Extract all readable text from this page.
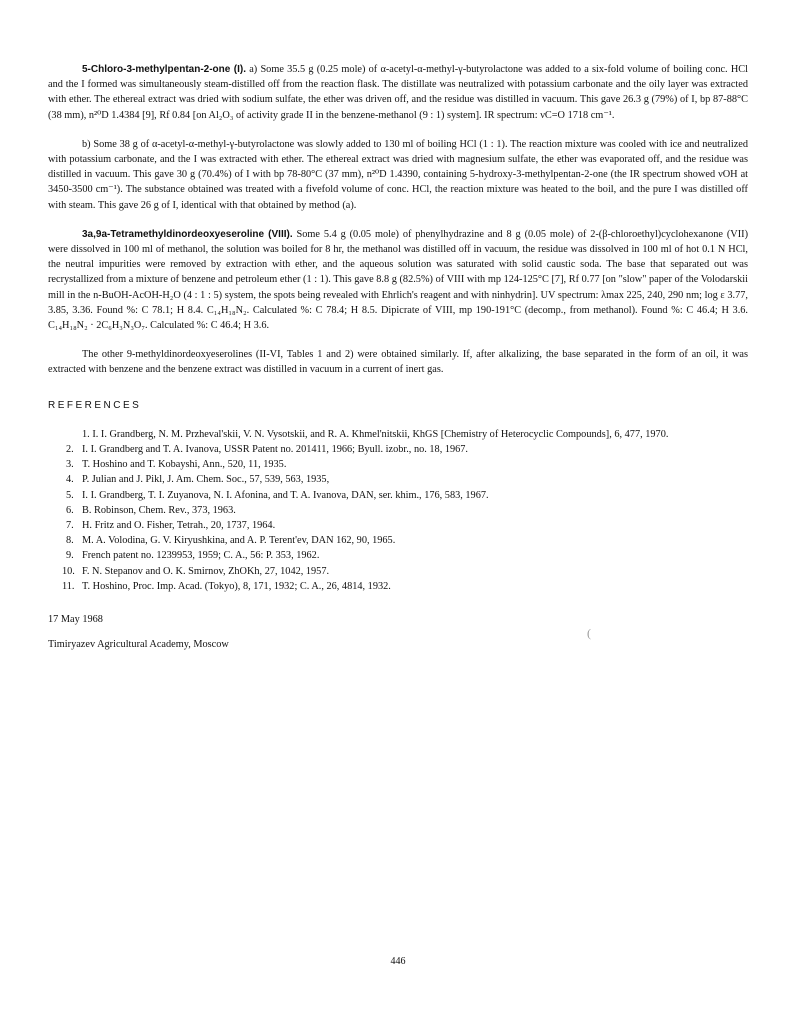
5-Chloro-3-methylpentan-2-one (I). a) Some 35.5 g (0.25 mole) of α-acetyl-α-methyl-γ-butyrolactone was added to a six-fold volume of boiling conc. HCl and the I formed was simultaneously steam-distilled off from the reaction flask. The distillate was neutralized with potassium carbonate and the oily layer was extracted with ether. The ethereal extract was dried with sodium sulfate, the ether was driven off, and the residue was distilled in vacuum. This gave 26.3 g (79%) of I, bp 87-88°C (38 mm), n²⁰D 1.4384 [9], Rf 0.84 [on Al₂O₃ of activity grade II in the benzene-methanol (9 : 1) system]. IR spectrum: νC=O 1718 cm⁻¹.

b) Some 38 g of α-acetyl-α-methyl-γ-butyrolactone was slowly added to 130 ml of boiling HCl (1 : 1). The reaction mixture was cooled with ice and neutralized with potassium carbonate, and the I was extracted with ether. The ethereal extract was dried with magnesium sulfate, the ether was evaporated off, and the residue was distilled in vacuum. This gave 30 g (70.4%) of I with bp 78-80°C (37 mm), n²⁰D 1.4390, containing 5-hydroxy-3-methylpentan-2-one (the IR spectrum showed νOH at 3450-3500 cm⁻¹). The substance obtained was treated with a fivefold volume of conc. HCl, the reaction mixture was heated to the boil, and the pure I was distilled off with steam. This gave 26 g of I, identical with that obtained by method (a).

3a,9a-Tetramethyldinordeoxyeseroline (VIII). Some 5.4 g (0.05 mole) of phenylhydrazine and 8 g (0.05 mole) of 2-(β-chloroethyl)cyclohexanone (VII) were dissolved in 100 ml of methanol, the solution was boiled for 8 hr, the methanol was distilled off in vacuum, the residue was dissolved in 100 ml of hot 0.1 N HCl, the neutral impurities were removed by extraction with ether, and the aqueous solution was saturated with solid caustic soda. The base that separated out was recrystallized from a mixture of benzene and petroleum ether (1 : 1). This gave 8.8 g (82.5%) of VIII with mp 124-125°C [7], Rf 0.77 [on "slow" paper of the Volodarskii mill in the n-BuOH-AcOH-H₂O (4 : 1 : 5) system, the spots being revealed with Ehrlich's reagent and with ninhydrin]. UV spectrum: λmax 225, 240, 290 nm; log ε 3.77, 3.85, 3.36. Found %: C 78.1; H 8.4. C₁₄H₁₈N₂. Calculated %: C 78.4; H 8.5. Dipicrate of VIII, mp 190-191°C (decomp., from methanol). Found %: C 46.4; H 3.6. C₁₄H₁₈N₂ · 2C₆H₃N₃O₇. Calculated %: C 46.4; H 3.6.

The other 9-methyldinordeoxyeserolines (II-VI, Tables 1 and 2) were obtained similarly. If, after alkalizing, the base separated in the form of an oil, it was extracted with benzene and the benzene extract was distilled in vacuum in a current of inert gas.

REFERENCES
1. I. I. Grandberg, N. M. Przheval'skii, V. N. Vysotskii, and R. A. Khmel'nitskii, KhGS [Chemistry of Heterocyclic Compounds], 6, 477, 1970.
2. I. I. Grandberg and T. A. Ivanova, USSR Patent no. 201411, 1966; Byull. izobr., no. 18, 1967.
3. T. Hoshino and T. Kobayshi, Ann., 520, 11, 1935.
4. P. Julian and J. Pikl, J. Am. Chem. Soc., 57, 539, 563, 1935,
5. I. I. Grandberg, T. I. Zuyanova, N. I. Afonina, and T. A. Ivanova, DAN, ser. khim., 176, 583, 1967.
6. B. Robinson, Chem. Rev., 373, 1963.
7. H. Fritz and O. Fisher, Tetrah., 20, 1737, 1964.
8. M. A. Volodina, G. V. Kiryushkina, and A. P. Terent'ev, DAN 162, 90, 1965.
9. French patent no. 1239953, 1959; C. A., 56: P. 353, 1962.
10. F. N. Stepanov and O. K. Smirnov, ZhOKh, 27, 1042, 1957.
11. T. Hoshino, Proc. Imp. Acad. (Tokyo), 8, 171, 1932; C. A., 26, 4814, 1932.
17 May 1968
Timiryazev Agricultural Academy, Moscow
(
446
